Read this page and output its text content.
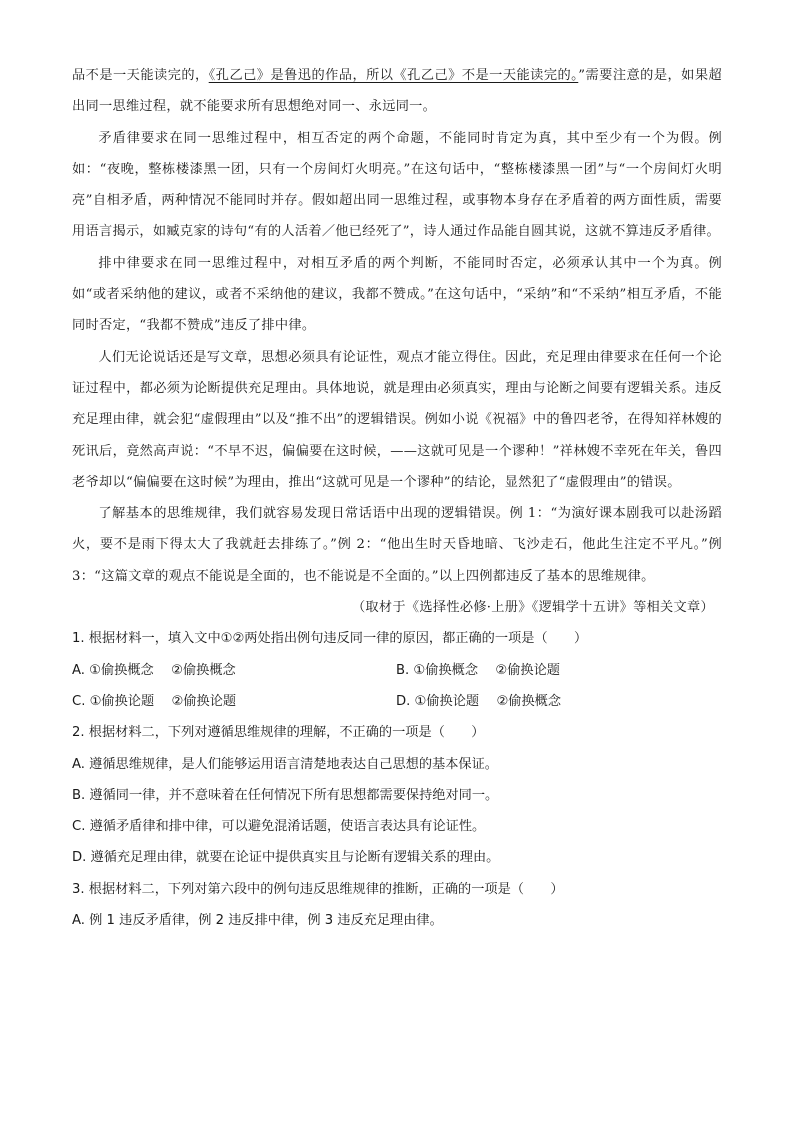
品不是一天能读完的，《孔乙己》是鲁迅的作品，所以《孔乙己》不是一天能读完的。”需要注意的是，如果超出同一思维过程，就不能要求所有思想绝对同一、永远同一。

矛盾律要求在同一思维过程中，相互否定的两个命题，不能同时肯定为真，其中至少有一个为假。例如：“夜晚，整栋楼漆黑一团，只有一个房间灯火明亮。”在这句话中，“整栋楼漆黑一团”与“一个房间灯火明亮”自相矛盾，两种情况不能同时并存。假如超出同一思维过程，或事物本身存在矛盾着的两方面性质，需要用语言揭示，如臧克家的诗句“有的人活着／他已经死了”，诗人通过作品能自圆其说，这就不算违反矛盾律。

排中律要求在同一思维过程中，对相互矛盾的两个判断，不能同时否定，必须承认其中一个为真。例如“或者采纳他的建议，或者不采纳他的建议，我都不赞成。”在这句话中，“采纳”和“不采纳”相互矛盾，不能同时否定，“我都不赞成”违反了排中律。

人们无论说话还是写文章，思想必须具有论证性，观点才能立得住。因此，充足理由律要求在任何一个论证过程中，都必须为论断提供充足理由。具体地说，就是理由必须真实，理由与论断之间要有逻辑关系。违反充足理由律，就会犯“虚假理由”以及“推不出”的逻辑错误。例如小说《祝福》中的鲁四老爷，在得知祥林嫂的死讯后，竟然高声说：“不早不迟，偏偏要在这时候，——这就可见是一个谬种！”祥林嫂不幸死在年关，鲁四老爷却以“偏偏要在这时候”为理由，推出“这就可见是一个谬种”的结论，显然犯了“虚假理由”的错误。

了解基本的思维规律，我们就容易发现日常话语中出现的逻辑错误。例 1：“为演好课本剧我可以赴汤蹈火，要不是雨下得太大了我就赶去排练了。”例 2：“他出生时天昏地暗、飞沙走石，他此生注定不平凡。”例 3：“这篇文章的观点不能说是全面的，也不能说是不全面的。”以上四例都违反了基本的思维规律。

（取材于《选择性必修·上册》《逻辑学十五讲》等相关文章）

1. 根据材料一，填入文中①②两处指出例句违反同一律的原因，都正确的一项是（　　）

A. ①偷换概念　 ②偷换概念	B. ①偷换概念　 ②偷换论题
C. ①偷换论题　 ②偷换论题	D. ①偷换论题　 ②偷换概念

2. 根据材料二，下列对遵循思维规律的理解，不正确的一项是（　　）

A. 遵循思维规律，是人们能够运用语言清楚地表达自己思想的基本保证。

B. 遵循同一律，并不意味着在任何情况下所有思想都需要保持绝对同一。

C. 遵循矛盾律和排中律，可以避免混淆话题，使语言表达具有论证性。

D. 遵循充足理由律，就要在论证中提供真实且与论断有逻辑关系的理由。

3. 根据材料二，下列对第六段中的例句违反思维规律的推断，正确的一项是（　　）

A. 例 1 违反矛盾律，例 2 违反排中律，例 3 违反充足理由律。
